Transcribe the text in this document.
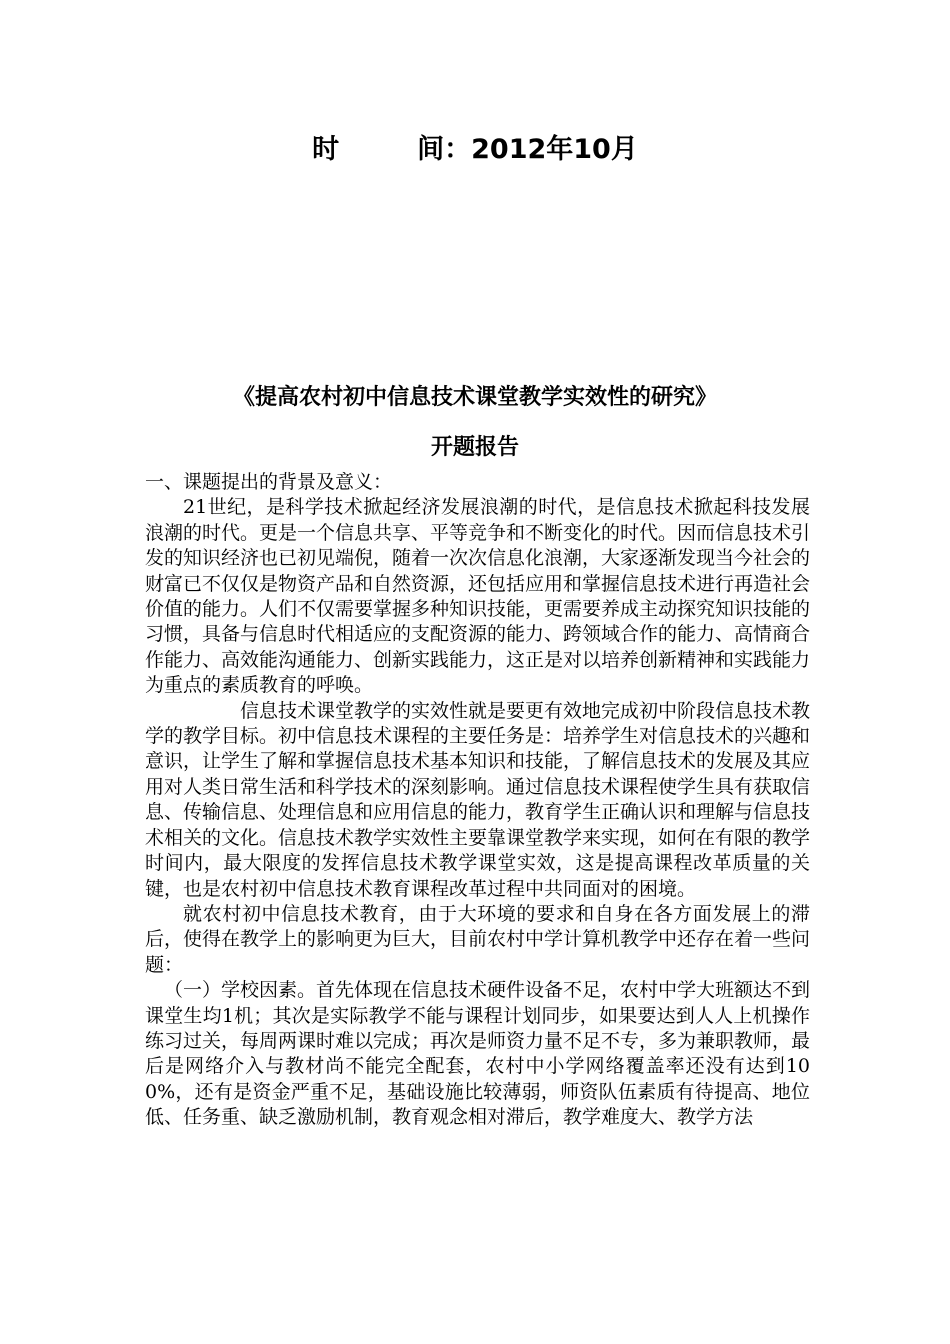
时	间：2012年10月
《提高农村初中信息技术课堂教学实效性的研究》
开题报告

一、课题提出的背景及意义：

21世纪，是科学技术掀起经济发展浪潮的时代，是信息技术掀起科技发展浪潮的时代。更是一个信息共享、平等竞争和不断变化的时代。因而信息技术引发的知识经济也已初见端倪，随着一次次信息化浪潮，大家逐渐发现当今社会的财富已不仅仅是物资产品和自然资源，还包括应用和掌握信息技术进行再造社会价值的能力。人们不仅需要掌握多种知识技能，更需要养成主动探究知识技能的习惯，具备与信息时代相适应的支配资源的能力、跨领域合作的能力、高情商合作能力、高效能沟通能力、创新实践能力，这正是对以培养创新精神和实践能力为重点的素质教育的呼唤。

信息技术课堂教学的实效性就是要更有效地完成初中阶段信息技术教学的教学目标。初中信息技术课程的主要任务是：培养学生对信息技术的兴趣和意识，让学生了解和掌握信息技术基本知识和技能，了解信息技术的发展及其应用对人类日常生活和科学技术的深刻影响。通过信息技术课程使学生具有获取信息、传输信息、处理信息和应用信息的能力，教育学生正确认识和理解与信息技术相关的文化。信息技术教学实效性主要靠课堂教学来实现，如何在有限的教学时间内，最大限度的发挥信息技术教学课堂实效，这是提高课程改革质量的关键，也是农村初中信息技术教育课程改革过程中共同面对的困境。

就农村初中信息技术教育，由于大环境的要求和自身在各方面发展上的滞后，使得在教学上的影响更为巨大，目前农村中学计算机教学中还存在着一些问题：

（一）学校因素。首先体现在信息技术硬件设备不足，农村中学大班额达不到课堂生均1机；其次是实际教学不能与课程计划同步，如果要达到人人上机操作练习过关，每周两课时难以完成；再次是师资力量不足不专，多为兼职教师，最后是网络介入与教材尚不能完全配套，农村中小学网络覆盖率还没有达到100%，还有是资金严重不足，基础设施比较薄弱，师资队伍素质有待提高、地位低、任务重、缺乏激励机制，教育观念相对滞后，教学难度大、教学方法
